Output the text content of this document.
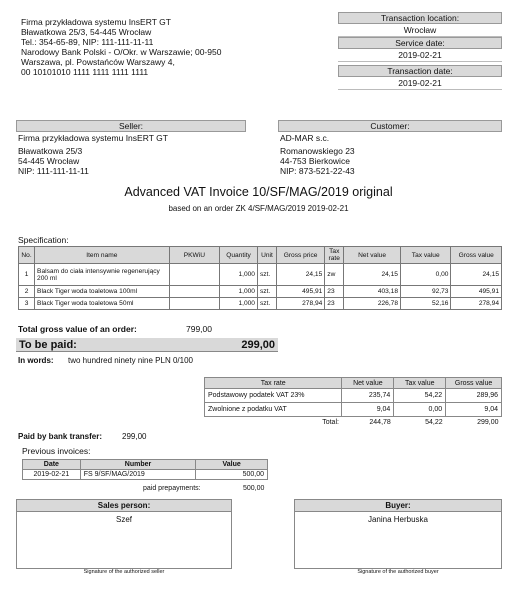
Firma przykładowa systemu InsERT GT
Bławatkowa 25/3, 54-445 Wrocław
Tel.: 354-65-89, NIP: 111-111-11-11
Narodowy Bank Polski - O/Okr. w Warszawie; 00-950
Warszawa, pl. Powstańców Warszawy 4,
00 10101010 1111 1111 1111 1111
Transaction location:
Wrocław
Service date:
2019-02-21
Transaction date:
2019-02-21
Seller:
Firma przykładowa systemu InsERT GT
Bławatkowa 25/3
54-445 Wrocław
NIP: 111-111-11-11
Customer:
AD-MAR s.c.
Romanowskiego 23
44-753 Bierkowice
NIP: 873-521-22-43
Advanced VAT Invoice 10/SF/MAG/2019 original
based on an order ZK 4/SF/MAG/2019 2019-02-21
Specification:
No.	Item name	PKWiU	Quantity	Unit	Gross price	Tax rate	Net value	Tax value	Gross value
1	Balsam do ciała intensywnie regenerujący 200 ml		1,000	szt.	24,15	zw	24,15	0,00	24,15
2	Black Tiger woda toaletowa 100ml		1,000	szt.	495,91	23	403,18	92,73	495,91
3	Black Tiger woda toaletowa 50ml		1,000	szt.	278,94	23	226,78	52,16	278,94
Total gross value of an order:	799,00
To be paid:	299,00
In words: two hundred ninety nine PLN 0/100
Tax rate	Net value	Tax value	Gross value
Podstawowy podatek VAT 23%	235,74	54,22	289,96
Zwolnione z podatku VAT	9,04	0,00	9,04
Total:	244,78	54,22	299,00
Paid by bank transfer: 299,00
Previous invoices:
Date	Number	Value
2019-02-21	FS 9/SF/MAG/2019	500,00
paid prepayments:	500,00
Sales person:
Szef
Signature of the authorized seller
Buyer:
Janina Herbuska
Signature of the authorized buyer
